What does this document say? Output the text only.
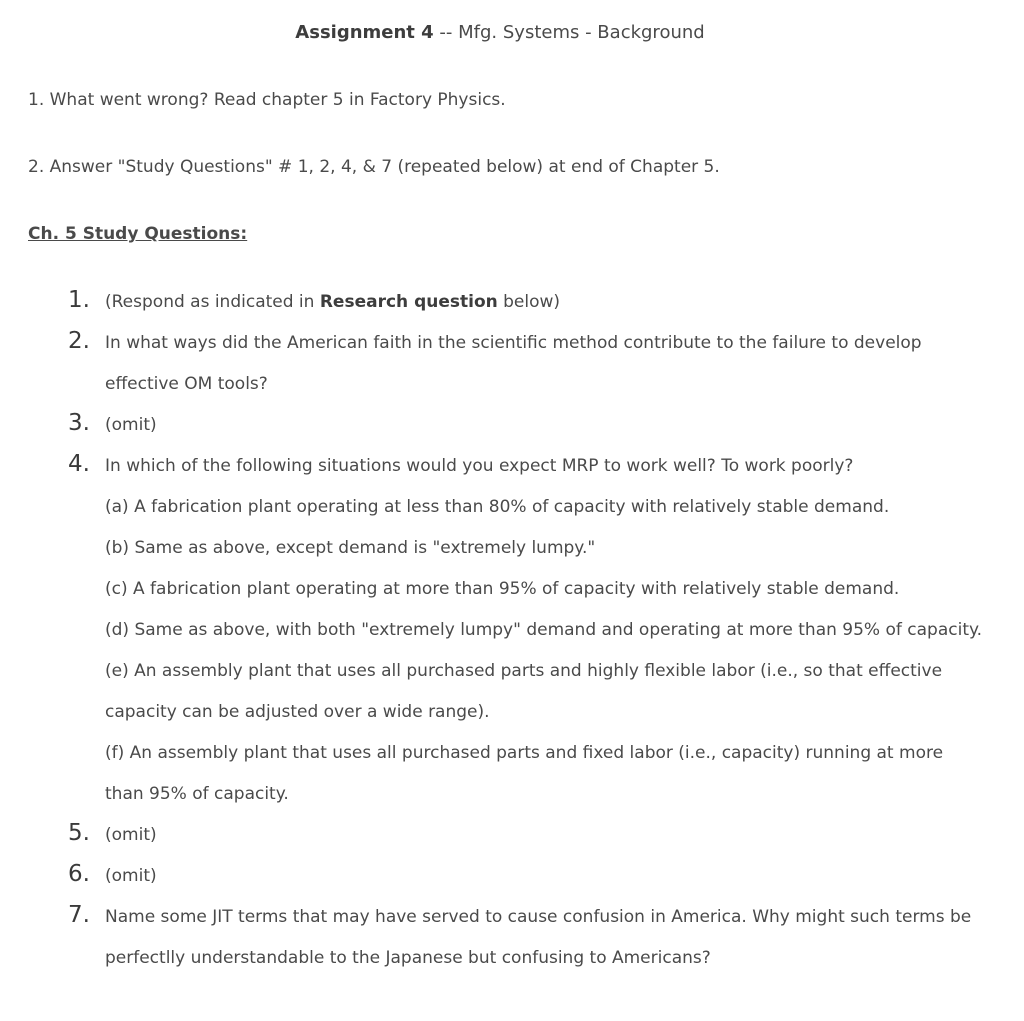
Assignment 4 -- Mfg. Systems - Background
1. What went wrong? Read chapter 5 in Factory Physics.
2. Answer "Study Questions" # 1, 2, 4, & 7 (repeated below) at end of Chapter 5.
Ch. 5 Study Questions:
1. (Respond as indicated in Research question below)
2. In what ways did the American faith in the scientific method contribute to the failure to develop effective OM tools?
3. (omit)
4. In which of the following situations would you expect MRP to work well? To work poorly?
(a) A fabrication plant operating at less than 80% of capacity with relatively stable demand.
(b) Same as above, except demand is "extremely lumpy."
(c) A fabrication plant operating at more than 95% of capacity with relatively stable demand.
(d) Same as above, with both "extremely lumpy" demand and operating at more than 95% of capacity.
(e) An assembly plant that uses all purchased parts and highly flexible labor (i.e., so that effective capacity can be adjusted over a wide range).
(f) An assembly plant that uses all purchased parts and fixed labor (i.e., capacity) running at more than 95% of capacity.
5. (omit)
6. (omit)
7. Name some JIT terms that may have served to cause confusion in America. Why might such terms be perfectlly understandable to the Japanese but confusing to Americans?
